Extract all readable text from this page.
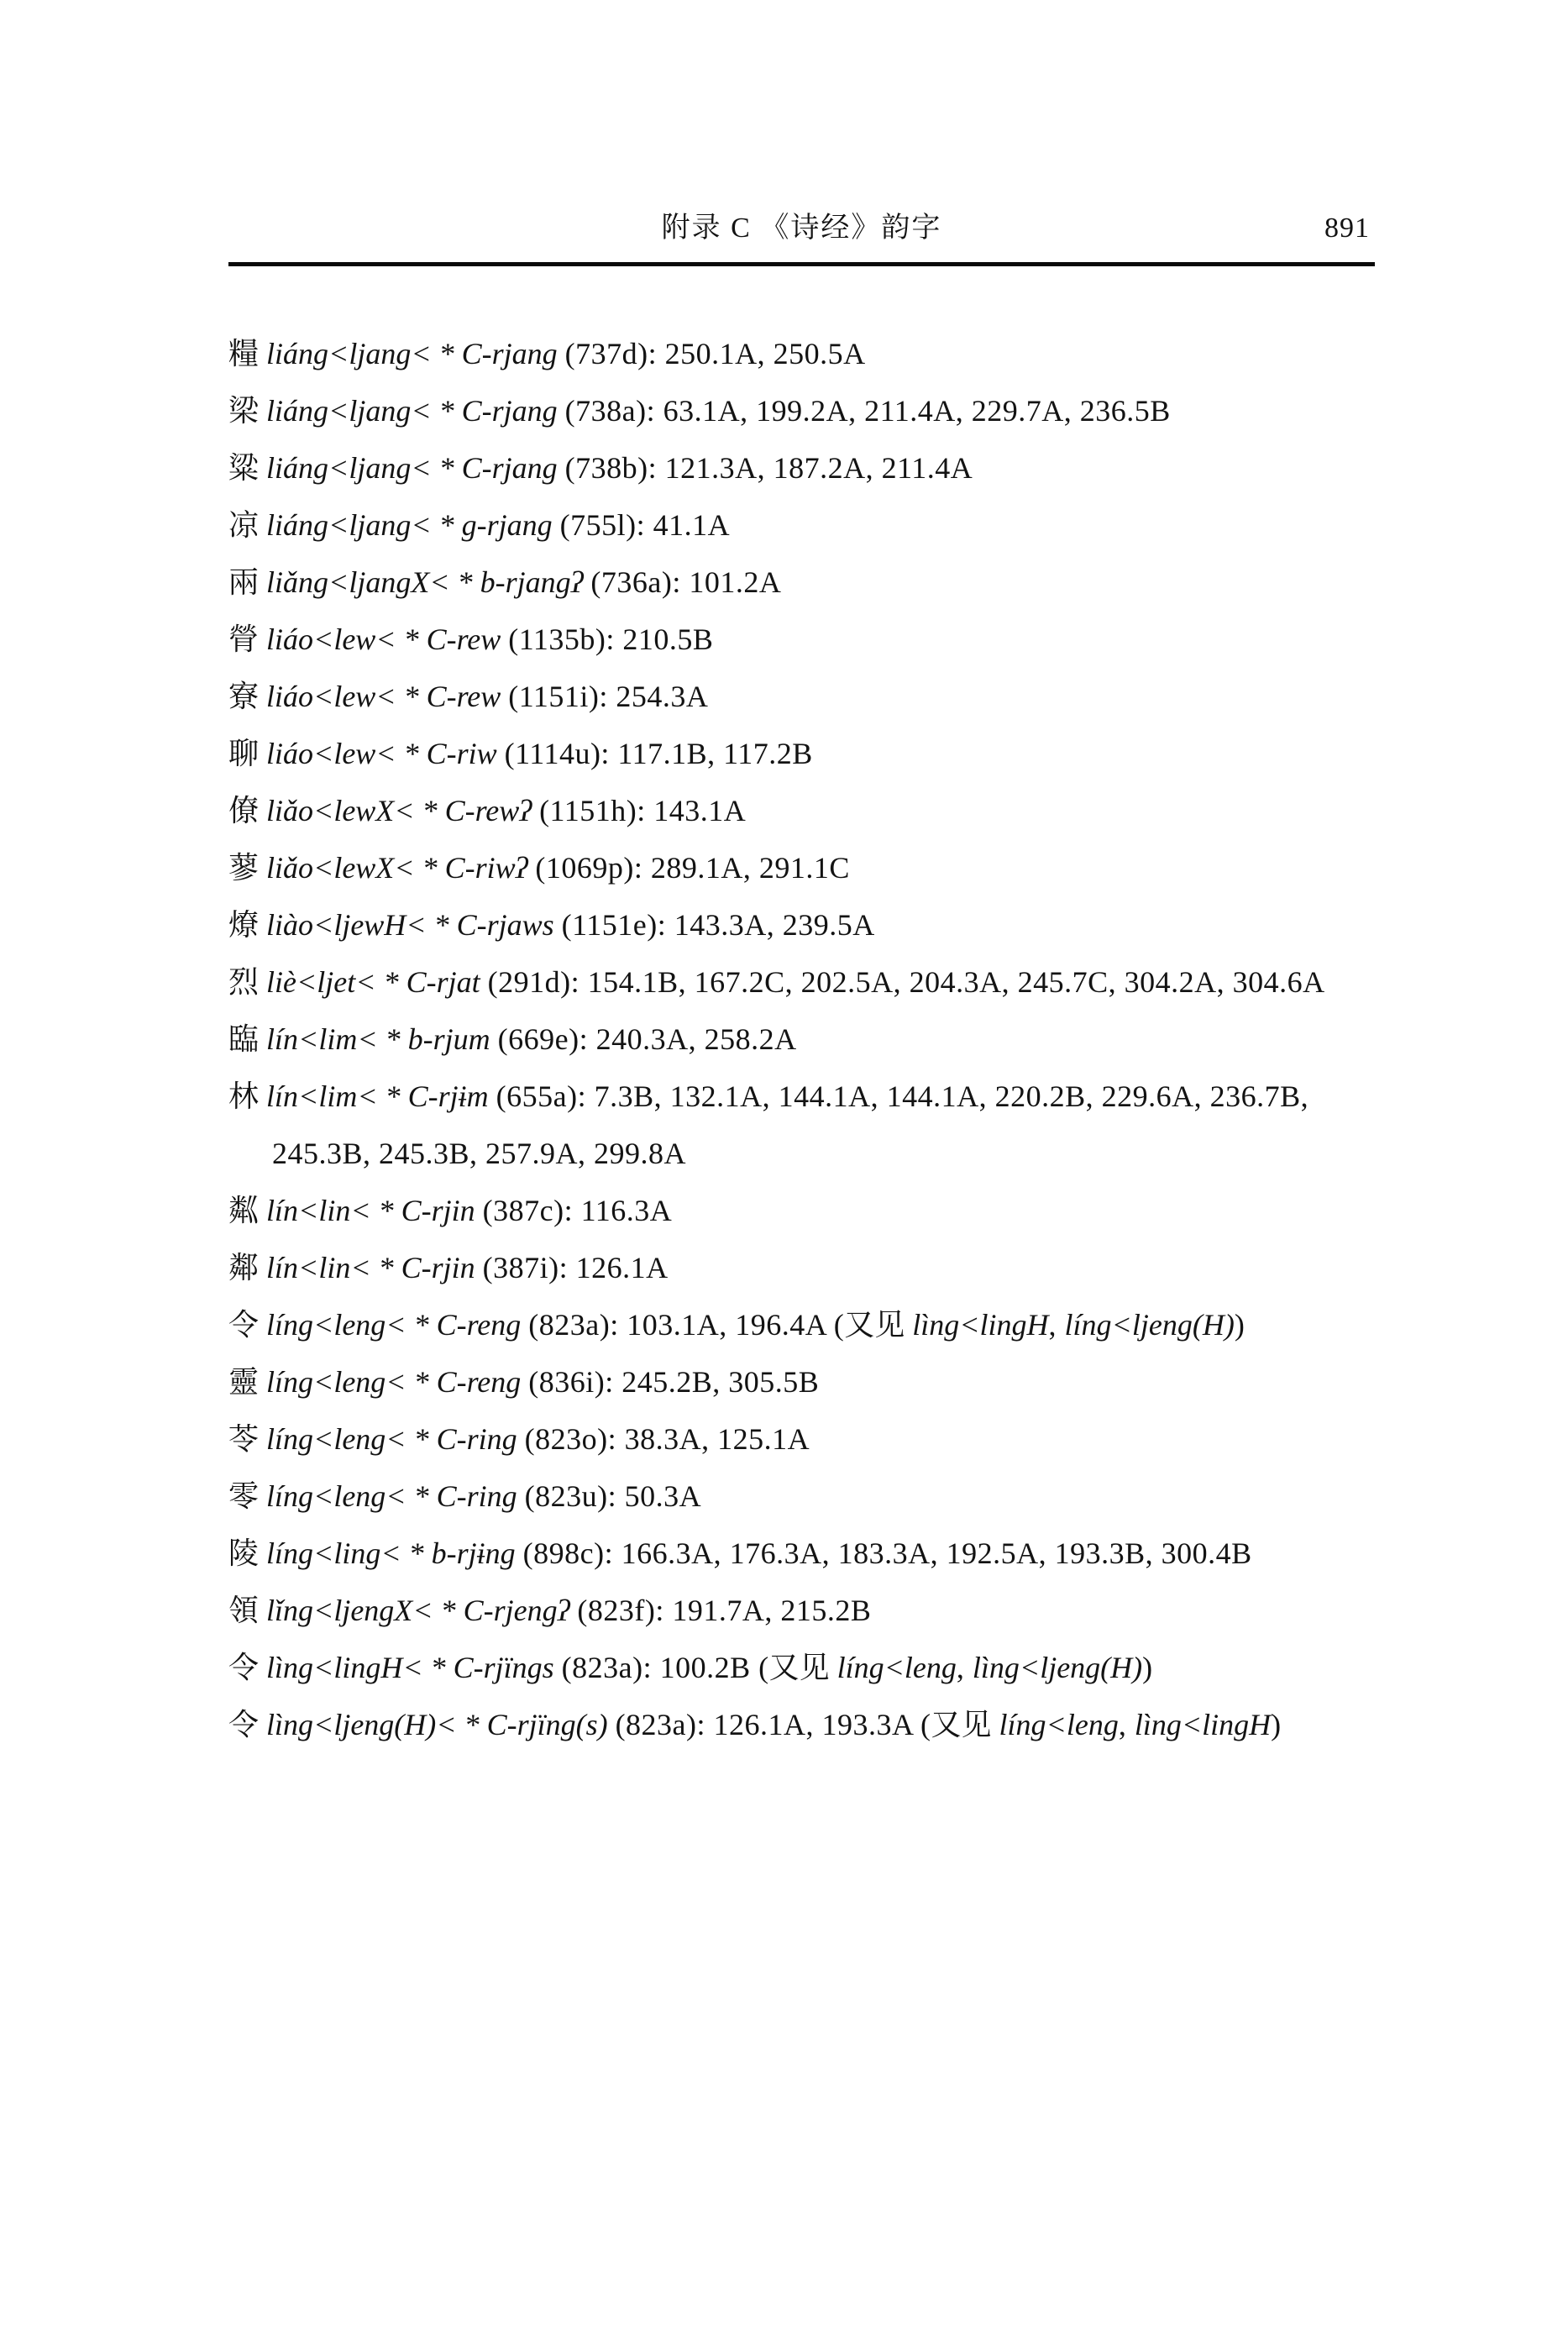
附录 C 《诗经》韵字	891

糧 liáng<ljang< * C-rjang (737d): 250.1A, 250.5A

梁 liáng<ljang< * C-rjang (738a): 63.1A, 199.2A, 211.4A, 229.7A, 236.5B

粱 liáng<ljang< * C-rjang (738b): 121.3A, 187.2A, 211.4A

凉 liáng<ljang< * g-rjang (755l): 41.1A

兩 liǎng<ljangX< * b-rjangʔ (736a): 101.2A

膋 liáo<lew< * C-rew (1135b): 210.5B

寮 liáo<lew< * C-rew (1151i): 254.3A

聊 liáo<lew< * C-riw (1114u): 117.1B, 117.2B

僚 liǎo<lewX< * C-rewʔ (1151h): 143.1A

蓼 liǎo<lewX< * C-riwʔ (1069p): 289.1A, 291.1C

燎 liào<ljewH< * C-rjaws (1151e): 143.3A, 239.5A

烈 liè<ljet< * C-rjat (291d): 154.1B, 167.2C, 202.5A, 204.3A, 245.7C, 304.2A, 304.6A

臨 lín<lim< * b-rjum (669e): 240.3A, 258.2A

林 lín<lim< * C-rjɨm (655a): 7.3B, 132.1A, 144.1A, 144.1A, 220.2B, 229.6A, 236.7B, 245.3B, 245.3B, 257.9A, 299.8A

粼 lín<lin< * C-rjin (387c): 116.3A

鄰 lín<lin< * C-rjin (387i): 126.1A

令 líng<leng< * C-reng (823a): 103.1A, 196.4A (又见 lìng<lingH, líng<ljeng(H))

靈 líng<leng< * C-reng (836i): 245.2B, 305.5B

苓 líng<leng< * C-ring (823o): 38.3A, 125.1A

零 líng<leng< * C-ring (823u): 50.3A

陵 líng<ling< * b-rjɨng (898c): 166.3A, 176.3A, 183.3A, 192.5A, 193.3B, 300.4B

領 lǐng<ljengX< * C-rjengʔ (823f): 191.7A, 215.2B

令 lìng<lingH< * C-rjïngs (823a): 100.2B (又见 líng<leng, lìng<ljeng(H))

令 lìng<ljeng(H)< * C-rjïng(s) (823a): 126.1A, 193.3A (又见 líng<leng, lìng<lingH)
